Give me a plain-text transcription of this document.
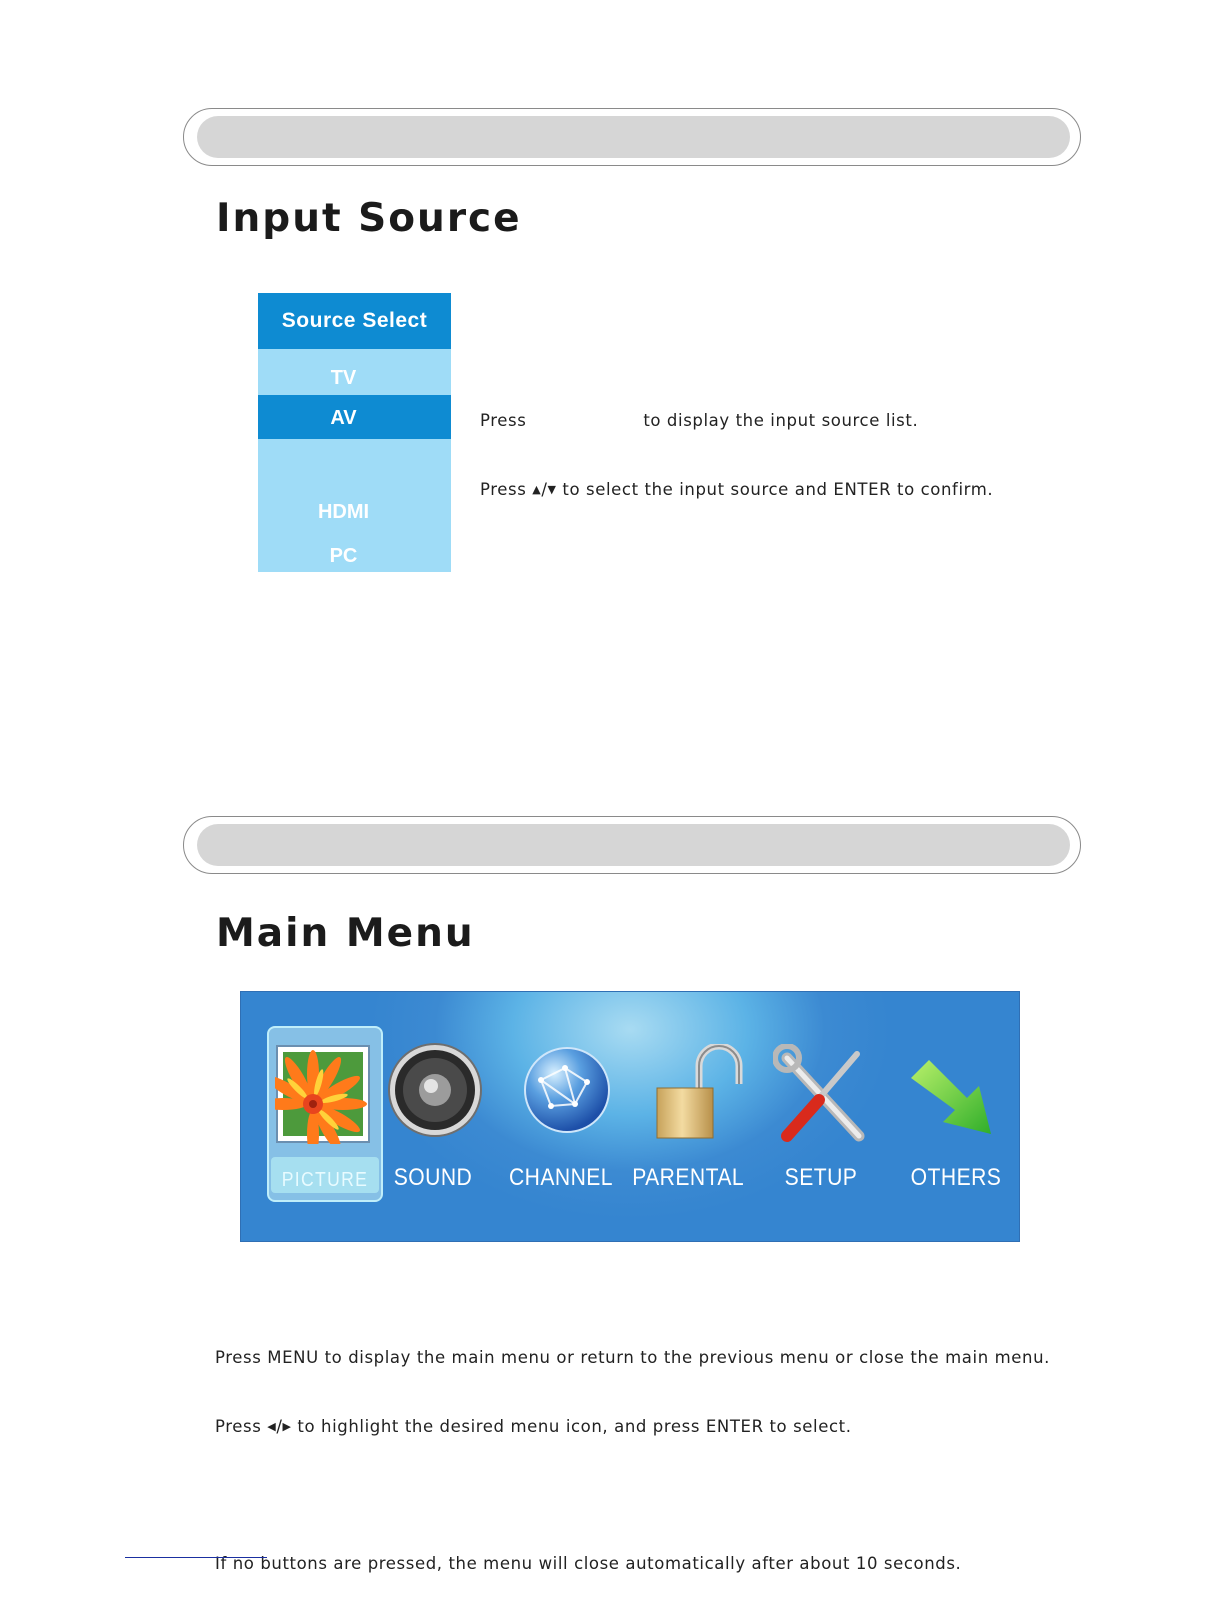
Input Source
Source Select
TV
AV
HDMI
PC

Press                    to display the input source list.

Press ▲/▼ to select the input source and ENTER to confirm.

Main Menu
PICTURE	SOUND CHANNEL PARENTAL	SETUP	OTHERS

Press MENU to display the main menu or return to the previous menu or close the main menu.

Press ◀/▶ to highlight the desired menu icon, and press ENTER to select.

If no buttons are pressed, the menu will close automatically after about 10 seconds.
